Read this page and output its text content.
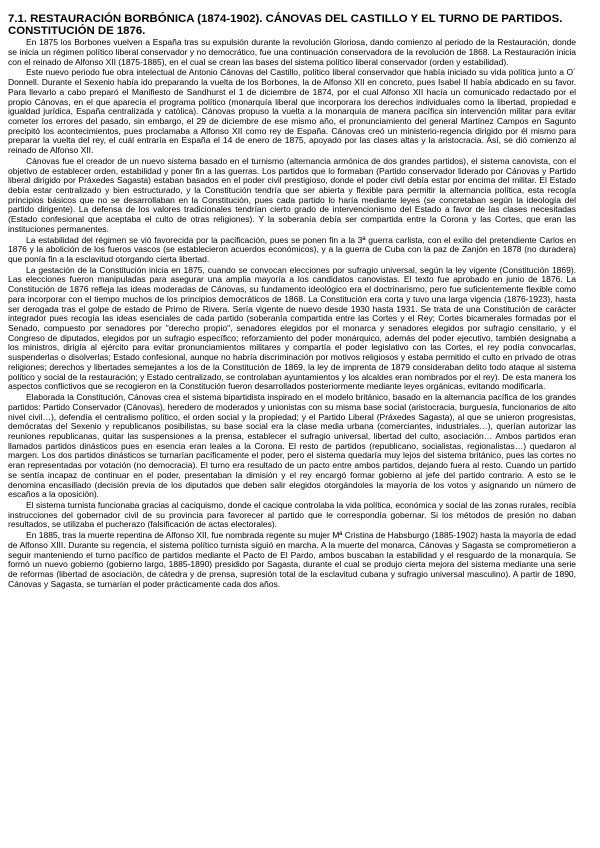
7.1. RESTAURACIÓN BORBÓNICA (1874-1902). CÁNOVAS DEL CASTILLO Y EL TURNO DE PARTIDOS. CONSTITUCIÓN DE 1876.

En 1875 los Borbones vuelven a España tras su expulsión durante la revolución Gloriosa, dando comienzo al periodo de la Restauración, donde se inicia un régimen político liberal conservador y no democrático, fue una continuación conservadora de la revolución de 1868. La Restauración inicia con el reinado de Alfonso XII (1875-1885), en el cual se crean las bases del sistema político liberal conservador (orden y estabilidad).

Este nuevo periodo fue obra intelectual de Antonio Cánovas del Castillo, político liberal conservador que había iniciado su vida política junto a O´ Donnell. Durante el Sexenio había ido preparando la vuelta de los Borbones, la de Alfonso XII en concreto, pues Isabel II había abdicado en su favor. Para llevarlo a cabo preparó el Manifiesto de Sandhurst el 1 de diciembre de 1874, por el cual Alfonso XII hacía un comunicado redactado por el propio Cánovas, en el que aparecía el programa político (monarquía liberal que incorporara los derechos individuales como la libertad, propiedad e igualdad jurídica, España centralizada y católica). Cánovas propuso la vuelta a la monarquía de manera pacífica sin intervención militar para evitar cometer los errores del pasado, sin embargo, el 29 de diciembre de ese mismo año, el pronunciamiento del general Martínez Campos en Sagunto precipitó los acontecimientos, pues proclamaba a Alfonso XII como rey de España. Cánovas creó un ministerio-regencia dirigido por él mismo para preparar la vuelta del rey, el cuál entraría en España el 14 de enero de 1875, apoyado por las clases altas y la aristocracia. Así, se dió comienzo al reinado de Alfonso XII.

Cánovas fue el creador de un nuevo sistema basado en el turnismo (alternancia armónica de dos grandes partidos), el sistema canovista, con el objetivo de establecer orden, estabilidad y poner fin a las guerras. Los partidos que lo formaban (Partido conservador liderado por Cánovas y Partido liberal dirigido por Práxedes Sagasta) estaban basados en el poder civil prestigioso, donde el poder civil debía estar por encima del militar. El Estado debía estar centralizado y bien estructurado, y la Constitución tendría que ser abierta y flexible para permitir la alternancia política, esta recogía principios básicos que no se desarrollaban en la Constitución, pues cada partido lo haría mediante leyes (se concretaban según la ideología del partido dirigente). La defensa de los valores tradicionales tendrían cierto grado de intervencionismo del Estado a favor de las clases necesitadas (Estado confesional que aceptaba el culto de otras religiones). Y la soberanía debía ser compartida entre la Corona y las Cortes, que eran las instituciones permanentes.

La estabilidad del régimen se vió favorecida por la pacificación, pues se ponen fin a la 3ª guerra carlista, con el exilio del pretendiente Carlos en 1876 y la abolición de los fueros vascos (se establecieron acuerdos económicos), y a la guerra de Cuba con la paz de Zanjón en 1878 (no duradera) que ponía fin a la esclavitud otorgando cierta libertad.

La gestación de la Constitución inicia en 1875, cuando se convocan elecciones por sufragio universal, según la ley vigente (Constitución 1869). Las elecciones fueron manipuladas para asegurar una amplia mayoría a los candidatos canovistas. El texto fue aprobado en junio de 1876. La Constitución de 1876 refleja las ideas moderadas de Cánovas, su fundamento ideológico era el doctrinarismo, pero fue suficientemente flexible como para incorporar con el tiempo muchos de los principios democráticos de 1868. La Constitución era corta y tuvo una larga vigencia (1876-1923), hasta ser derogada tras el golpe de estado de Primo de Rivera. Sería vigente de nuevo desde 1930 hasta 1931. Se trata de una Constitución de carácter integrador pues recogía las ideas esenciales de cada partido (soberanía compartida entre las Cortes y el Rey; Cortes bicamerales formadas por el Senado, compuesto por senadores por "derecho propio", senadores elegidos por el monarca y senadores elegidos por sufragio censitario, y el Congreso de diputados, elegidos por un sufragio específico; reforzamiento del poder monárquico, además del poder ejecutivo, también designaba a los ministros, dirigía al ejército para evitar pronunciamientos militares y compartía el poder legislativo con las Cortes, el rey podía convocarlas, suspenderlas o disolverlas; Estado confesional, aunque no habría discriminación por motivos religiosos y estaba permitido el culto en privado de otras religiones; derechos y libertades semejantes a los de la Constitución de 1869, la ley de imprenta de 1879 consideraban delito todo ataque al sistema político y social de la restauración; y Estado centralizado, se controlaban ayuntamientos y los alcaldes eran nombrados por el rey). De esta manera los aspectos conflictivos que se recogieron en la Constitución fueron desarrollados posteriormente mediante leyes orgánicas, evitando modificarla.

Elaborada la Constitución, Cánovas crea el sistema bipartidista inspirado en el modelo británico, basado en la alternancia pacífica de los grandes partidos: Partido Conservador (Cánovas), heredero de moderados y unionistas con su misma base social (aristocracia, burguesía, funcionarios de alto nivel civil…), defendía el centralismo político, el orden social y la propiedad; y el Partido Liberal (Práxedes Sagasta), al que se unieron progresistas, demócratas del Sexenio y republicanos posibilistas, su base social era la clase media urbana (comerciantes, industriales…), querían autorizar las reuniones republicanas, quitar las suspensiones a la prensa, establecer el sufragio universal, libertad del culto, asociación… Ambos partidos eran llamados partidos dinásticos pues en esencia eran leales a la Corona. El resto de partidos (republicano, socialistas, regionalistas…) quedaron al margen. Los dos partidos dinásticos se turnarían pacíficamente el poder, pero el sistema quedaría muy lejos del sistema británico, pues las cortes no eran representadas por votación (no democracia). El turno era resultado de un pacto entre ambos partidos, dejando fuera al resto. Cuando un partido se sentía incapaz de continuar en el poder, presentaban la dimisión y el rey encargó formar gobierno al jefe del partido contrario. A esto se le denomina encasillado (decisión previa de los diputados que deben salir elegidos otorgándoles la mayoría de los votos y asignando un número de escaños a la oposición).

El sistema turnista funcionaba gracias al caciquismo, donde el cacique controlaba la vida política, económica y social de las zonas rurales, recibía instrucciones del gobernador civil de su provincia para favorecer al partido que le correspondía gobernar. Si los métodos de presión no daban resultados, se utilizaba el pucherazo (falsificación de actas electorales).

En 1885, tras la muerte repentina de Alfonso XII, fue nombrada regente su mujer Mª Cristina de Habsburgo (1885-1902) hasta la mayoría de edad de Alfonso XIII. Durante su regencia, el sistema político turnista siguió en marcha. A la muerte del monarca, Cánovas y Sagasta se comprometieron a seguir manteniendo el turno pacífico de partidos mediante el Pacto de El Pardo, ambos buscaban la estabilidad y el resguardo de la monarquía. Se formó un nuevo gobierno (gobierno largo, 1885-1890) presidido por Sagasta, durante el cual se produjo cierta mejora del sistema mediante una serie de reformas (libertad de asociación, de cátedra y de prensa, supresión total de la esclavitud cubana y sufragio universal masculino). A partir de 1890, Cánovas y Sagasta, se turnarían el poder prácticamente cada dos años.
